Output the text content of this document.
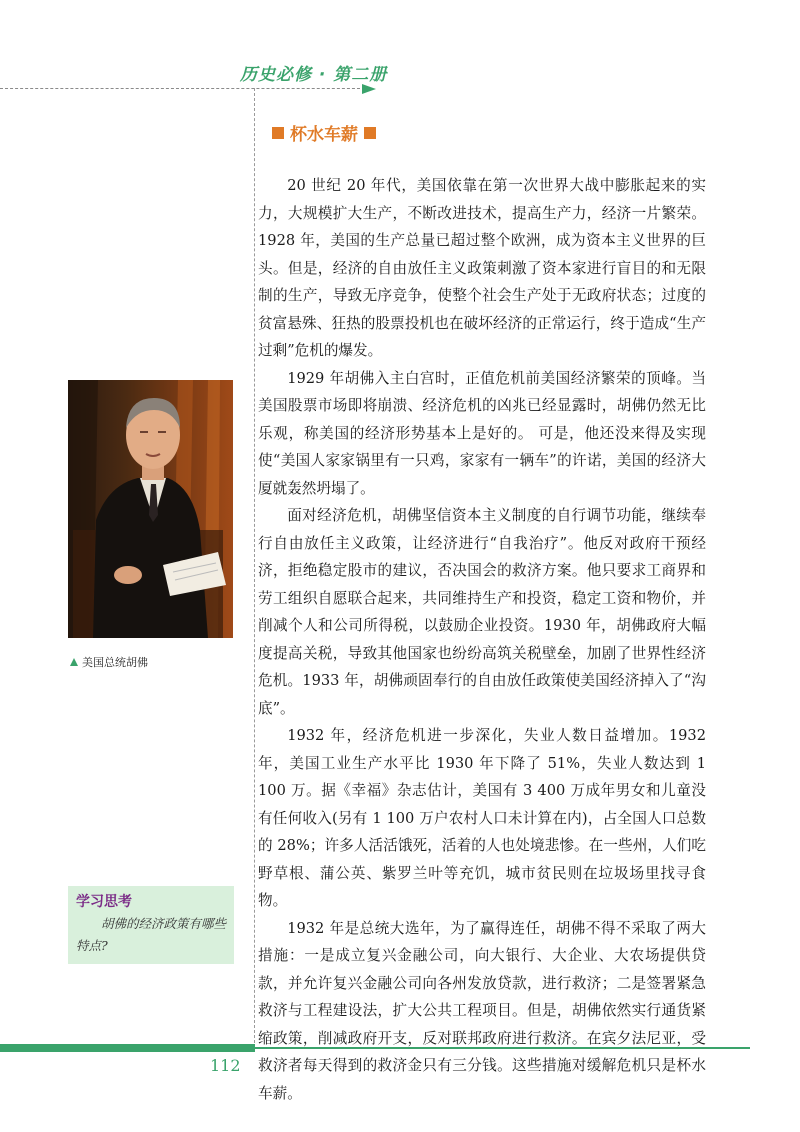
历史必修 · 第二册
杯水车薪

20 世纪 20 年代，美国依靠在第一次世界大战中膨胀起来的实力，大规模扩大生产，不断改进技术，提高生产力，经济一片繁荣。1928 年，美国的生产总量已超过整个欧洲，成为资本主义世界的巨头。但是，经济的自由放任主义政策刺激了资本家进行盲目的和无限制的生产，导致无序竞争，使整个社会生产处于无政府状态；过度的贫富悬殊、狂热的股票投机也在破坏经济的正常运行，终于造成“生产过剩”危机的爆发。

1929 年胡佛入主白宫时，正值危机前美国经济繁荣的顶峰。当美国股票市场即将崩溃、经济危机的凶兆已经显露时，胡佛仍然无比乐观，称美国的经济形势基本上是好的。 可是，他还没来得及实现使“美国人家家锅里有一只鸡，家家有一辆车”的许诺，美国的经济大厦就轰然坍塌了。

面对经济危机，胡佛坚信资本主义制度的自行调节功能，继续奉行自由放任主义政策，让经济进行“自我治疗”。他反对政府干预经济，拒绝稳定股市的建议，否决国会的救济方案。他只要求工商界和劳工组织自愿联合起来，共同维持生产和投资，稳定工资和物价，并削减个人和公司所得税，以鼓励企业投资。1930 年，胡佛政府大幅度提高关税，导致其他国家也纷纷高筑关税壁垒，加剧了世界性经济危机。1933 年，胡佛顽固奉行的自由放任政策使美国经济掉入了“沟底”。

1932 年，经济危机进一步深化，失业人数日益增加。1932 年，美国工业生产水平比 1930 年下降了 51%，失业人数达到 1 100 万。据《幸福》杂志估计，美国有 3 400 万成年男女和儿童没有任何收入(另有 1 100 万户农村人口未计算在内)，占全国人口总数的 28%；许多人活活饿死，活着的人也处境悲惨。在一些州，人们吃野草根、蒲公英、紫罗兰叶等充饥，城市贫民则在垃圾场里找寻食物。

1932 年是总统大选年，为了赢得连任，胡佛不得不采取了两大措施：一是成立复兴金融公司，向大银行、大企业、大农场提供贷款，并允许复兴金融公司向各州发放贷款，进行救济；二是签署紧急救济与工程建设法，扩大公共工程项目。但是，胡佛依然实行通货紧缩政策，削减政府开支，反对联邦政府进行救济。在宾夕法尼亚，受救济者每天得到的救济金只有三分钱。这些措施对缓解危机只是杯水车薪。

美国总统胡佛
学习思考
胡佛的经济政策有哪些特点?
112
